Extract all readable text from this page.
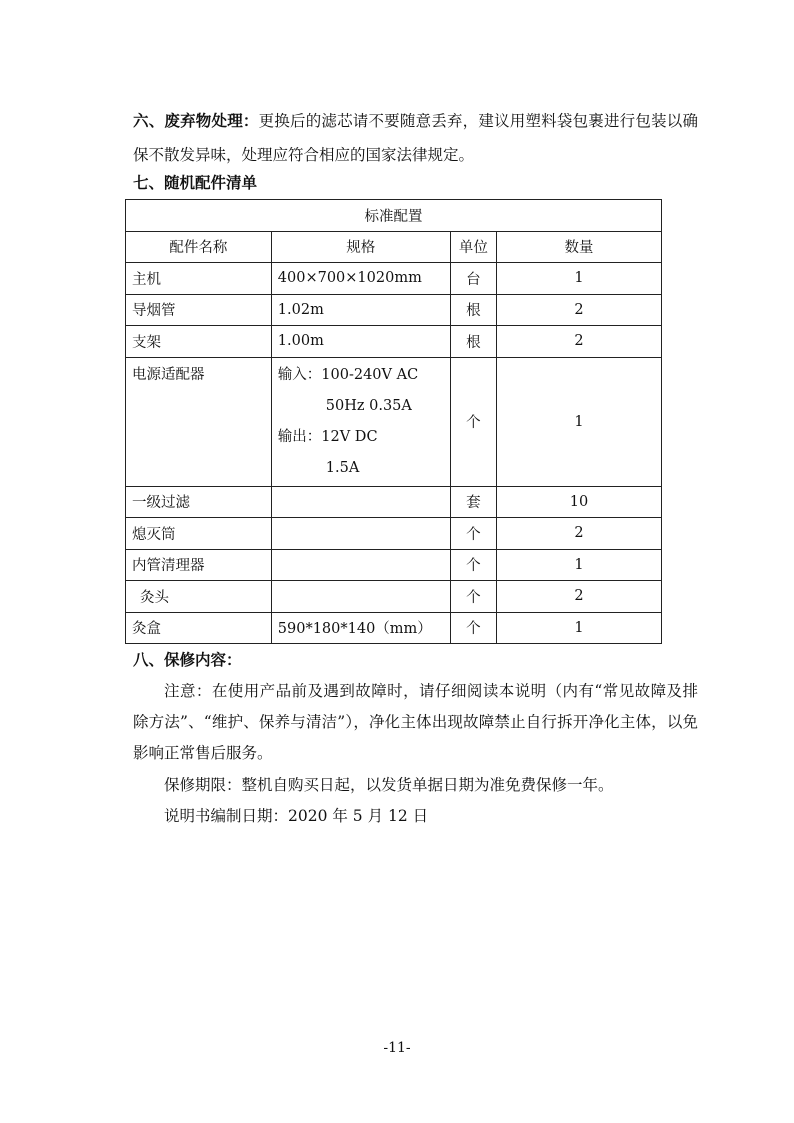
六、废弃物处理：更换后的滤芯请不要随意丢弃，建议用塑料袋包裹进行包装以确保不散发异味，处理应符合相应的国家法律规定。

七、随机配件清单

标准配置			
配件名称	规格	单位	数量
主机	400×700×1020mm	台	1
导烟管	1.02m	根	2
支架	1.00m	根	2
电源适配器	输入：100-240V AC
50Hz 0.35A
输出：12V DC
1.5A	个	1
一级过滤		套	10
熄灭筒		个	2
内管清理器		个	1
灸头		个	2
灸盒	590*180*140（mm）	个	1

八、保修内容：

注意：在使用产品前及遇到故障时，请仔细阅读本说明（内有“常见故障及排除方法”、“维护、保养与清洁”），净化主体出现故障禁止自行拆开净化主体，以免影响正常售后服务。

保修期限：整机自购买日起，以发货单据日期为准免费保修一年。

说明书编制日期：2020 年 5 月 12 日

-11-
